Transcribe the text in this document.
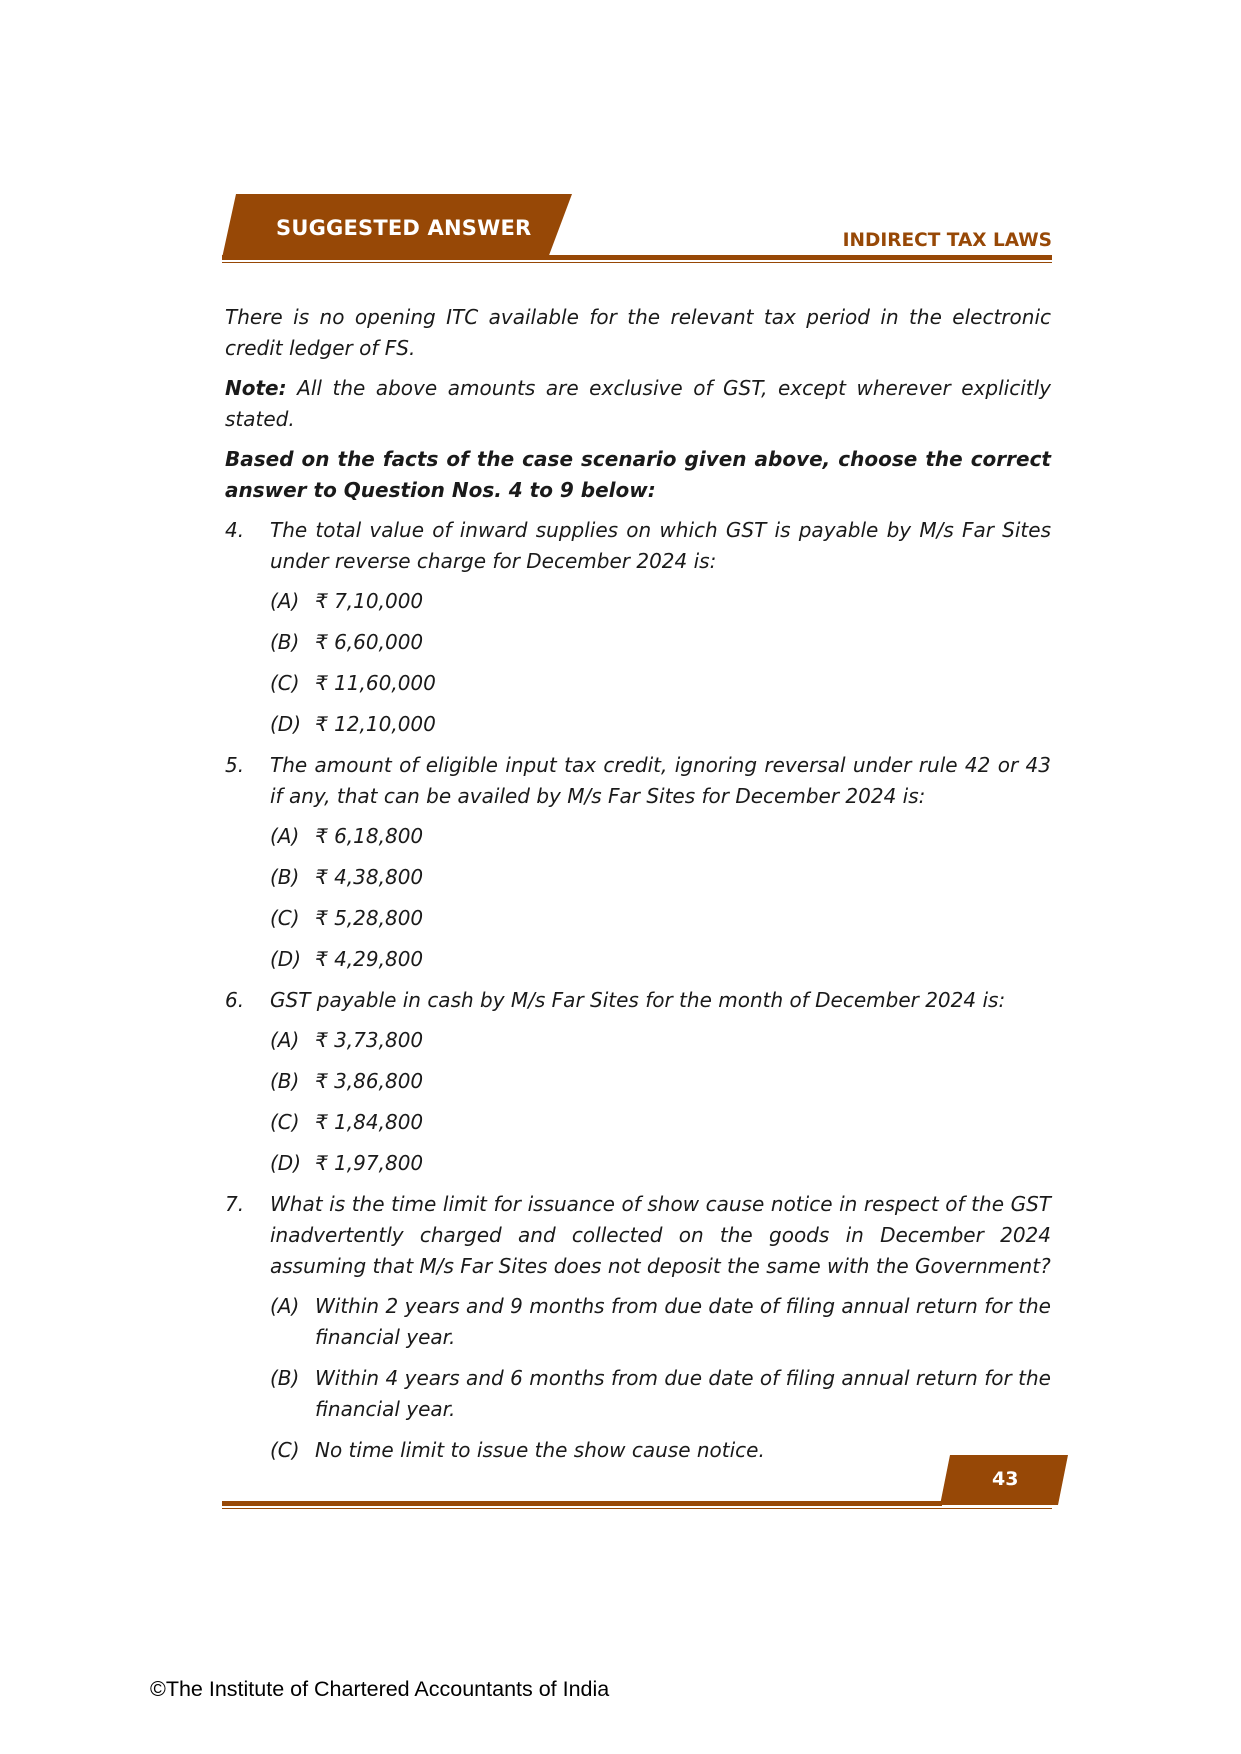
SUGGESTED ANSWER
INDIRECT TAX LAWS

There is no opening ITC available for the relevant tax period in the electronic credit ledger of FS.

Note: All the above amounts are exclusive of GST, except wherever explicitly stated.

Based on the facts of the case scenario given above, choose the correct answer to Question Nos. 4 to 9 below:

4.	The total value of inward supplies on which GST is payable by M/s Far Sites under reverse charge for December 2024 is:
(A) ₹ 7,10,000
(B) ₹ 6,60,000
(C) ₹ 11,60,000
(D) ₹ 12,10,000
5.	The amount of eligible input tax credit, ignoring reversal under rule 42 or 43 if any, that can be availed by M/s Far Sites for December 2024 is:
(A) ₹ 6,18,800
(B) ₹ 4,38,800
(C) ₹ 5,28,800
(D) ₹ 4,29,800
6.	GST payable in cash by M/s Far Sites for the month of December 2024 is:
(A) ₹ 3,73,800
(B) ₹ 3,86,800
(C) ₹ 1,84,800
(D) ₹ 1,97,800
7.	What is the time limit for issuance of show cause notice in respect of the GST inadvertently charged and collected on the goods in December 2024 assuming that M/s Far Sites does not deposit the same with the Government?
(A) Within 2 years and 9 months from due date of filing annual return for the financial year.
(B) Within 4 years and 6 months from due date of filing annual return for the financial year.
(C) No time limit to issue the show cause notice.
43
©The Institute of Chartered Accountants of India
